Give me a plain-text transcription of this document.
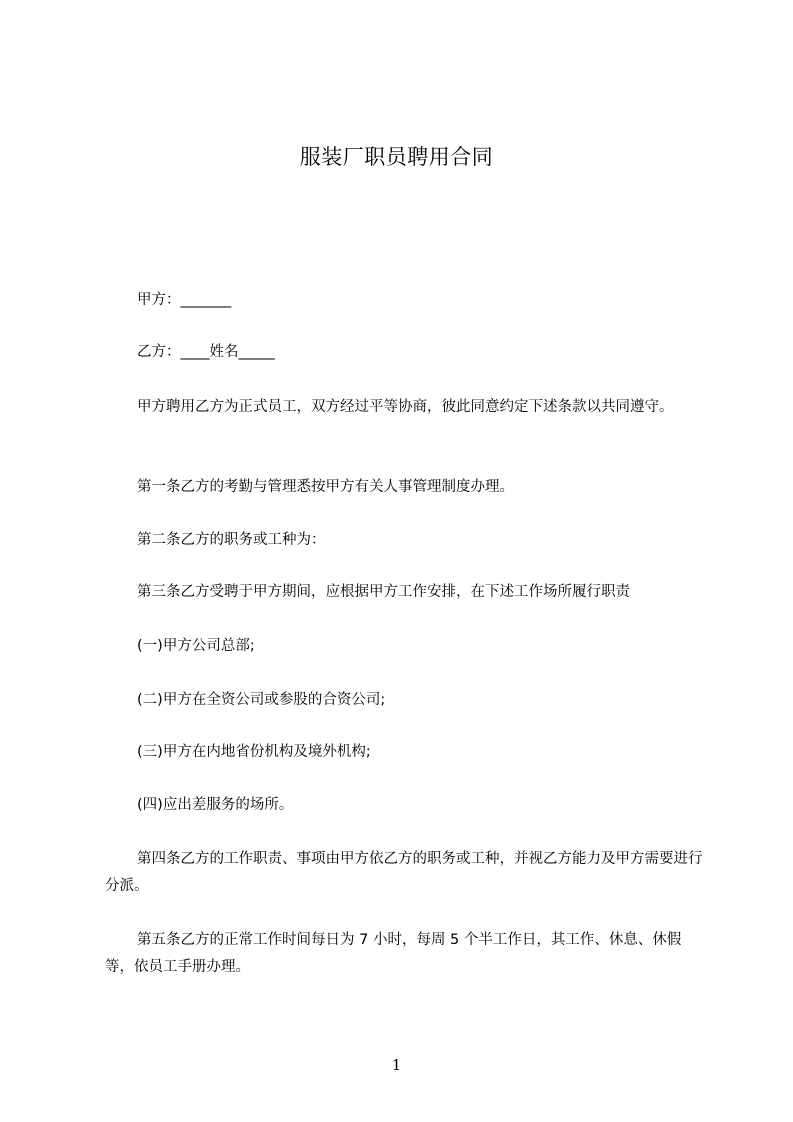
服装厂职员聘用合同
甲方：_______
乙方：____姓名_____
甲方聘用乙方为正式员工，双方经过平等协商，彼此同意约定下述条款以共同遵守。
第一条乙方的考勤与管理悉按甲方有关人事管理制度办理。
第二条乙方的职务或工种为：
第三条乙方受聘于甲方期间，应根据甲方工作安排，在下述工作场所履行职责
(一)甲方公司总部;
(二)甲方在全资公司或参股的合资公司;
(三)甲方在内地省份机构及境外机构;
(四)应出差服务的场所。
第四条乙方的工作职责、事项由甲方依乙方的职务或工种，并视乙方能力及甲方需要进行分派。
第五条乙方的正常工作时间每日为 7 小时，每周 5 个半工作日，其工作、休息、休假等，依员工手册办理。
1
